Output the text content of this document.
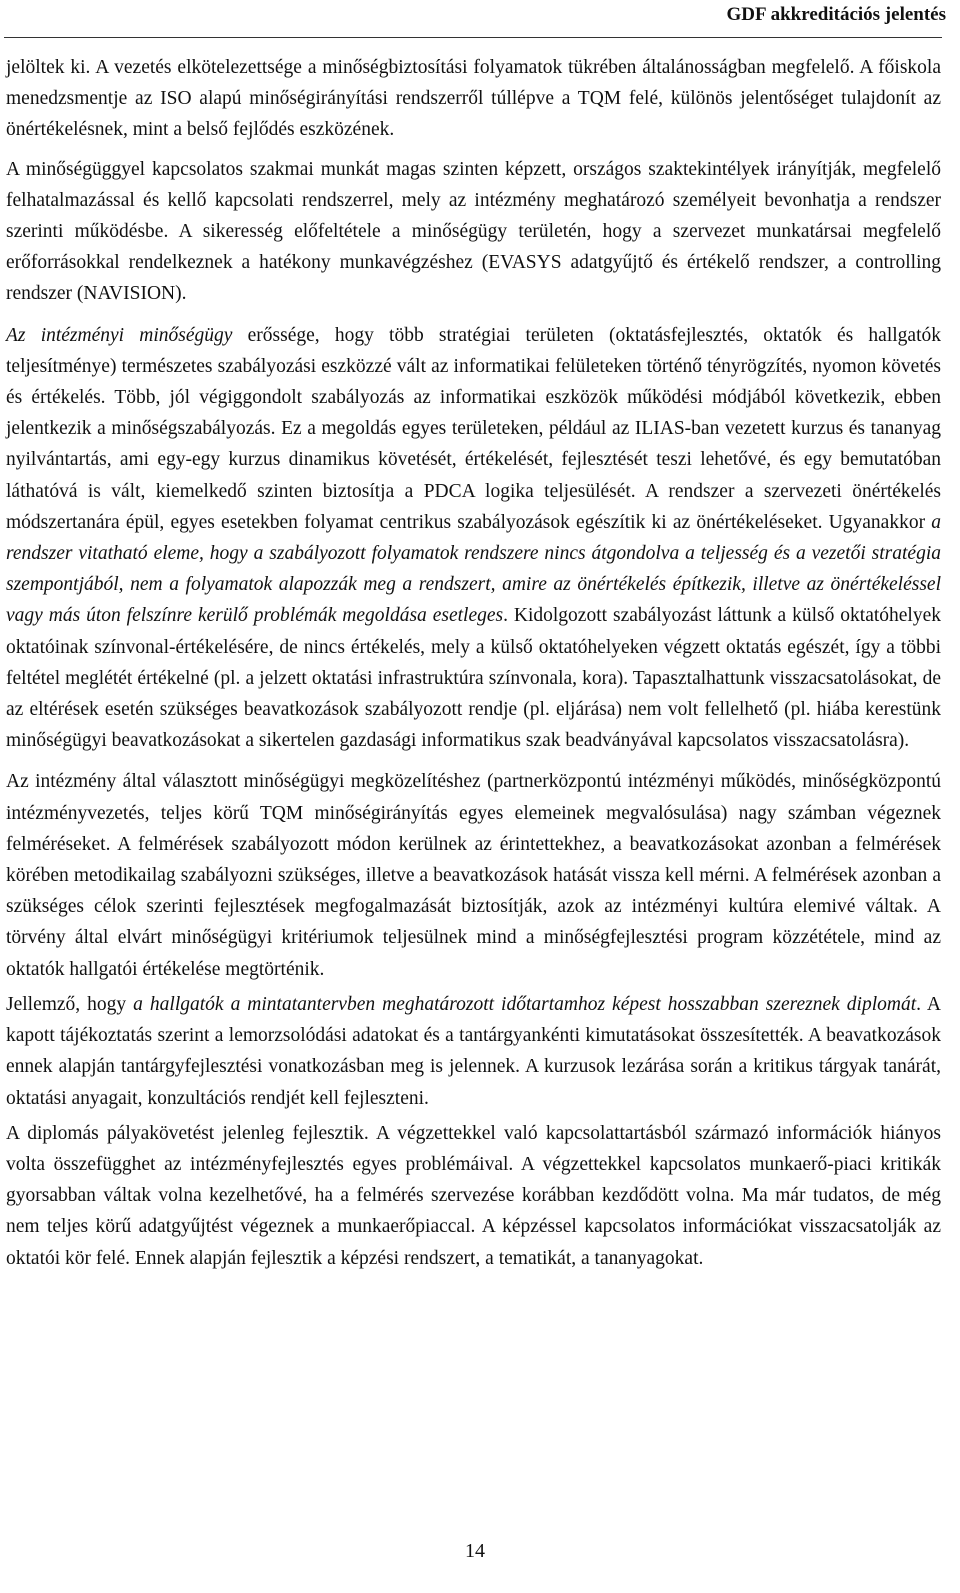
GDF akkreditációs jelentés

jelöltek ki. A vezetés elkötelezettsége a minőségbiztosítási folyamatok tükrében általánosságban megfelelő. A főiskola menedzsmentje az ISO alapú minőségirányítási rendszerről túllépve a TQM felé, különös jelentőséget tulajdonít az önértékelésnek, mint a belső fejlődés eszközének.

A minőségüggyel kapcsolatos szakmai munkát magas szinten képzett, országos szaktekintélyek irányítják, megfelelő felhatalmazással és kellő kapcsolati rendszerrel, mely az intézmény meghatározó személyeit bevonhatja a rendszer szerinti működésbe. A sikeresség előfeltétele a minőségügy területén, hogy a szervezet munkatársai megfelelő erőforrásokkal rendelkeznek a hatékony munkavégzéshez (EVASYS adatgyűjtő és értékelő rendszer, a controlling rendszer (NAVISION).

Az intézményi minőségügy erőssége, hogy több stratégiai területen (oktatásfejlesztés, oktatók és hallgatók teljesítménye) természetes szabályozási eszközzé vált az informatikai felületeken történő tényrögzítés, nyomon követés és értékelés. Több, jól végiggondolt szabályozás az informatikai eszközök működési módjából következik, ebben jelentkezik a minőségszabályozás. Ez a megoldás egyes területeken, például az ILIAS-ban vezetett kurzus és tananyag nyilvántartás, ami egy-egy kurzus dinamikus követését, értékelését, fejlesztését teszi lehetővé, és egy bemutatóban láthatóvá is vált, kiemelkedő szinten biztosítja a PDCA logika teljesülését. A rendszer a szervezeti önértékelés módszertanára épül, egyes esetekben folyamat centrikus szabályozások egészítik ki az önértékeléseket. Ugyanakkor a rendszer vitatható eleme, hogy a szabályozott folyamatok rendszere nincs átgondolva a teljesség és a vezetői stratégia szempontjából, nem a folyamatok alapozzák meg a rendszert, amire az önértékelés építkezik, illetve az önértékeléssel vagy más úton felszínre kerülő problémák megoldása esetleges. Kidolgozott szabályozást láttunk a külső oktatóhelyek oktatóinak színvonal-értékelésére, de nincs értékelés, mely a külső oktatóhelyeken végzett oktatás egészét, így a többi feltétel meglétét értékelné (pl. a jelzett oktatási infrastruktúra színvonala, kora). Tapasztalhattunk visszacsatolásokat, de az eltérések esetén szükséges beavatkozások szabályozott rendje (pl. eljárása) nem volt fellelhető (pl. hiába kerestünk minőségügyi beavatkozásokat a sikertelen gazdasági informatikus szak beadványával kapcsolatos visszacsatolásra).

Az intézmény által választott minőségügyi megközelítéshez (partnerközpontú intézményi működés, minőségközpontú intézményvezetés, teljes körű TQM minőségirányítás egyes elemeinek megvalósulása) nagy számban végeznek felméréseket. A felmérések szabályozott módon kerülnek az érintettekhez, a beavatkozásokat azonban a felmérések körében metodikailag szabályozni szükséges, illetve a beavatkozások hatását vissza kell mérni. A felmérések azonban a szükséges célok szerinti fejlesztések megfogalmazását biztosítják, azok az intézményi kultúra elemivé váltak. A törvény által elvárt minőségügyi kritériumok teljesülnek mind a minőségfejlesztési program közzététele, mind az oktatók hallgatói értékelése megtörténik.

Jellemző, hogy a hallgatók a mintatantervben meghatározott időtartamhoz képest hosszabban szereznek diplomát. A kapott tájékoztatás szerint a lemorzsolódási adatokat és a tantárgyankénti kimutatásokat összesítették. A beavatkozások ennek alapján tantárgyfejlesztési vonatkozásban meg is jelennek. A kurzusok lezárása során a kritikus tárgyak tanárát, oktatási anyagait, konzultációs rendjét kell fejleszteni.

A diplomás pályakövetést jelenleg fejlesztik. A végzettekkel való kapcsolattartásból származó információk hiányos volta összefügghet az intézményfejlesztés egyes problémáival. A végzettekkel kapcsolatos munkaerő-piaci kritikák gyorsabban váltak volna kezelhetővé, ha a felmérés szervezése korábban kezdődött volna. Ma már tudatos, de még nem teljes körű adatgyűjtést végeznek a munkaerőpiaccal. A képzéssel kapcsolatos információkat visszacsatolják az oktatói kör felé. Ennek alapján fejlesztik a képzési rendszert, a tematikát, a tananyagokat.

14
